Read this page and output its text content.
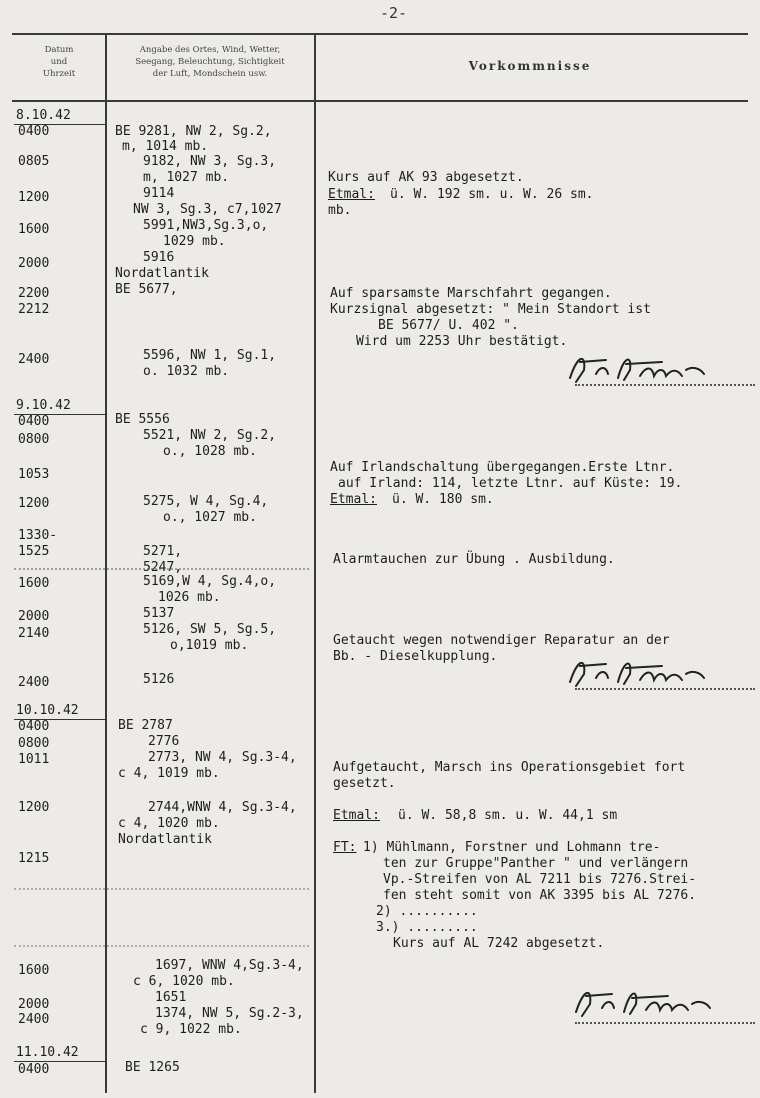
-2-
Datum
und
Uhrzeit
Angabe des Ortes, Wind, Wetter,
Seegang, Beleuchtung, Sichtigkeit
der Luft, Mondschein usw.
Vorkommnisse
8.10.42
9.10.42
10.10.42
11.10.42
0400
0805
1200
1600
2000
2200
2212
2400
0400
0800
1053
1200
1330-
1525
1600
2000
2140
2400
0400
0800
1011
1200
1215
1600
2000
2400
0400
BE 9281, NW 2, Sg.2,
m, 1014 mb.
9182, NW 3, Sg.3,
m, 1027 mb.
9114
NW 3, Sg.3, c7,1027
5991,NW3,Sg.3,o,
1029 mb.
5916
Nordatlantik
BE 5677,
5596, NW 1, Sg.1,
o. 1032 mb.
BE 5556
5521, NW 2, Sg.2,
o., 1028 mb.
5275, W 4, Sg.4,
o., 1027 mb.
5271,
5247,
5169,W 4, Sg.4,o,
1026 mb.
5137
5126, SW 5, Sg.5,
o,1019 mb.
5126
BE 2787
2776
2773, NW 4, Sg.3-4,
c 4, 1019 mb.
2744,WNW 4, Sg.3-4,
c 4, 1020 mb.
Nordatlantik
1697, WNW 4,Sg.3-4,
c 6, 1020 mb.
1651
1374, NW 5, Sg.2-3,
c 9, 1022 mb.
BE 1265
Kurs auf AK 93 abgesetzt.
Etmal: ü. W. 192 sm. u. W. 26 sm.
mb.
Auf sparsamste Marschfahrt gegangen.
Kurzsignal abgesetzt: " Mein Standort ist
BE 5677/ U. 402 ".
Wird um 2253 Uhr bestätigt.
Auf Irlandschaltung übergegangen.Erste Ltnr.
auf Irland: 114, letzte Ltnr. auf Küste: 19.
Etmal: ü. W. 180 sm.
Alarmtauchen zur Übung . Ausbildung.
Getaucht wegen notwendiger Reparatur an der
Bb. - Dieselkupplung.
Aufgetaucht, Marsch ins Operationsgebiet fort
gesetzt.
Etmal: ü. W. 58,8 sm. u. W. 44,1 sm
FT: 1) Mühlmann, Forstner und Lohmann tre-
ten zur Gruppe"Panther " und verlängern
Vp.-Streifen von AL 7211 bis 7276.Strei-
fen steht somit von AK 3395 bis AL 7276.
2) ..........
3.) .........
Kurs auf AL 7242 abgesetzt.
